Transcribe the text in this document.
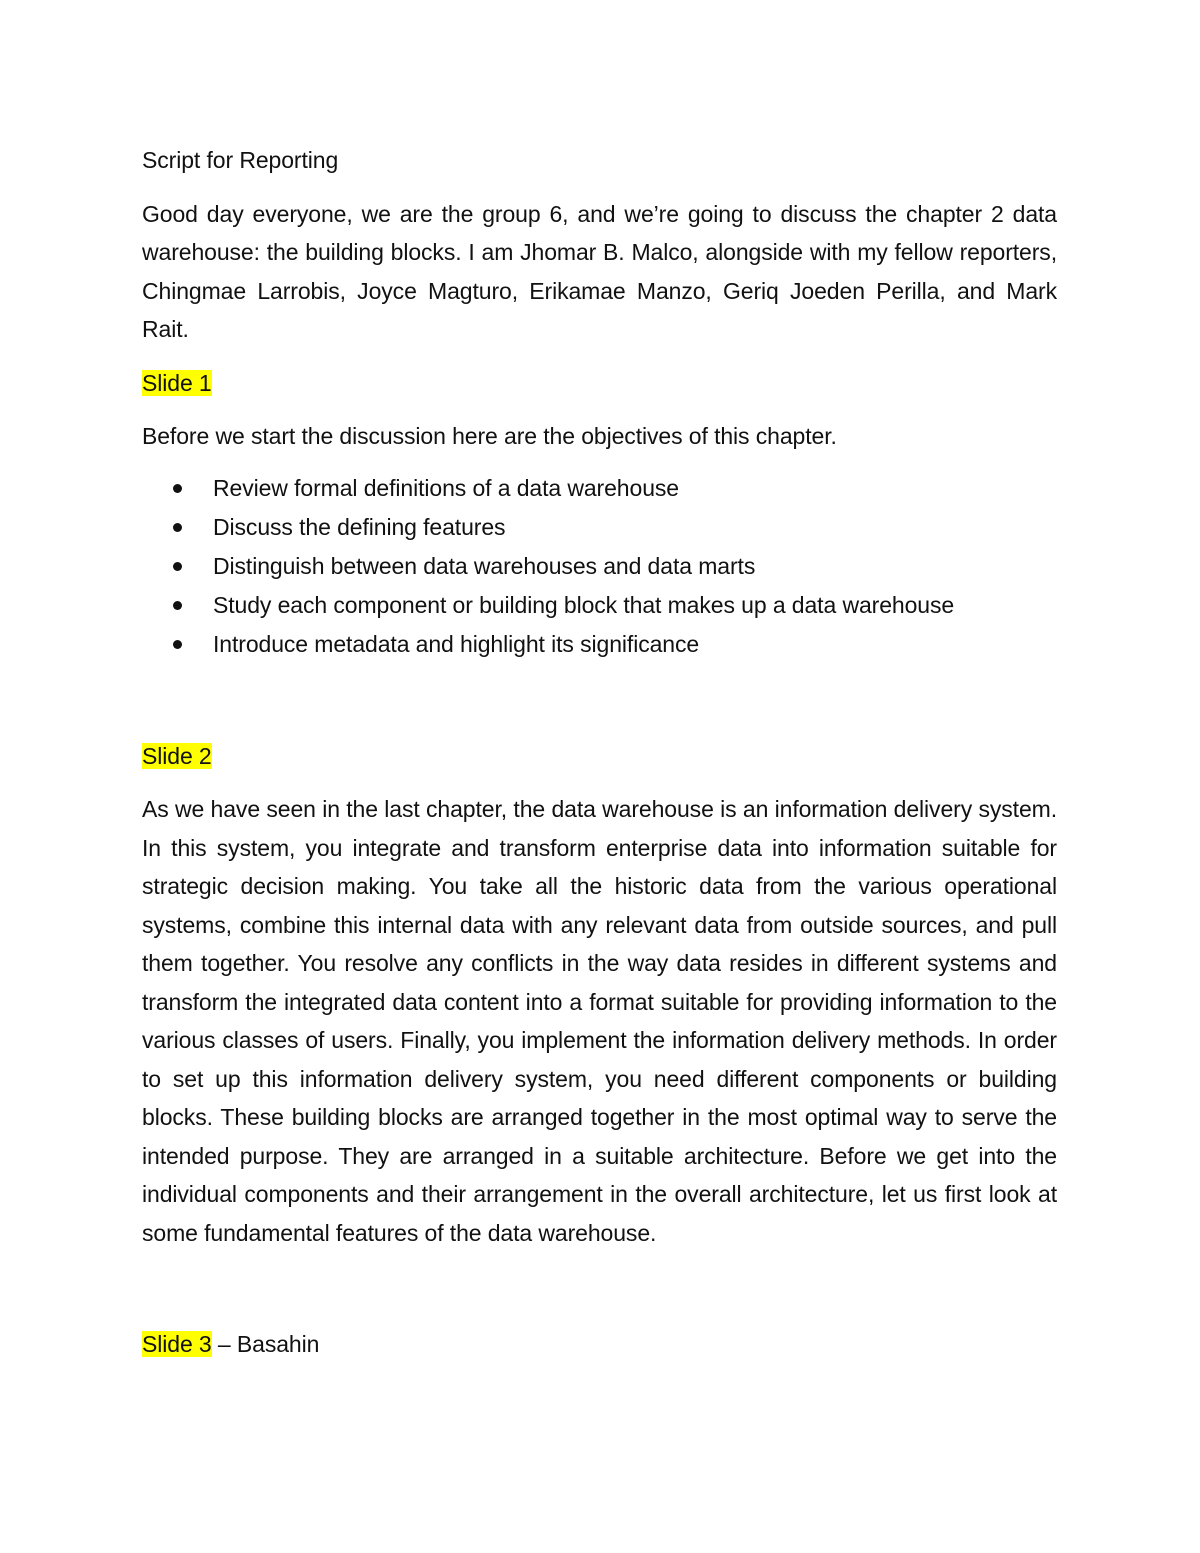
Script for Reporting

Good day everyone, we are the group 6, and we’re going to discuss the chapter 2 data warehouse: the building blocks. I am Jhomar B. Malco, alongside with my fellow reporters, Chingmae Larrobis, Joyce Magturo, Erikamae Manzo, Geriq Joeden Perilla, and Mark Rait.

Slide 1

Before we start the discussion here are the objectives of this chapter.

Review formal definitions of a data warehouse
Discuss the defining features
Distinguish between data warehouses and data marts
Study each component or building block that makes up a data warehouse
Introduce metadata and highlight its significance

Slide 2

As we have seen in the last chapter, the data warehouse is an information delivery system. In this system, you integrate and transform enterprise data into information suitable for strategic decision making. You take all the historic data from the various operational systems, combine this internal data with any relevant data from outside sources, and pull them together. You resolve any conflicts in the way data resides in different systems and transform the integrated data content into a format suitable for providing information to the various classes of users. Finally, you implement the information delivery methods. In order to set up this information delivery system, you need different components or building blocks. These building blocks are arranged together in the most optimal way to serve the intended purpose. They are arranged in a suitable architecture. Before we get into the individual components and their arrangement in the overall architecture, let us first look at some fundamental features of the data warehouse.

Slide 3 – Basahin
